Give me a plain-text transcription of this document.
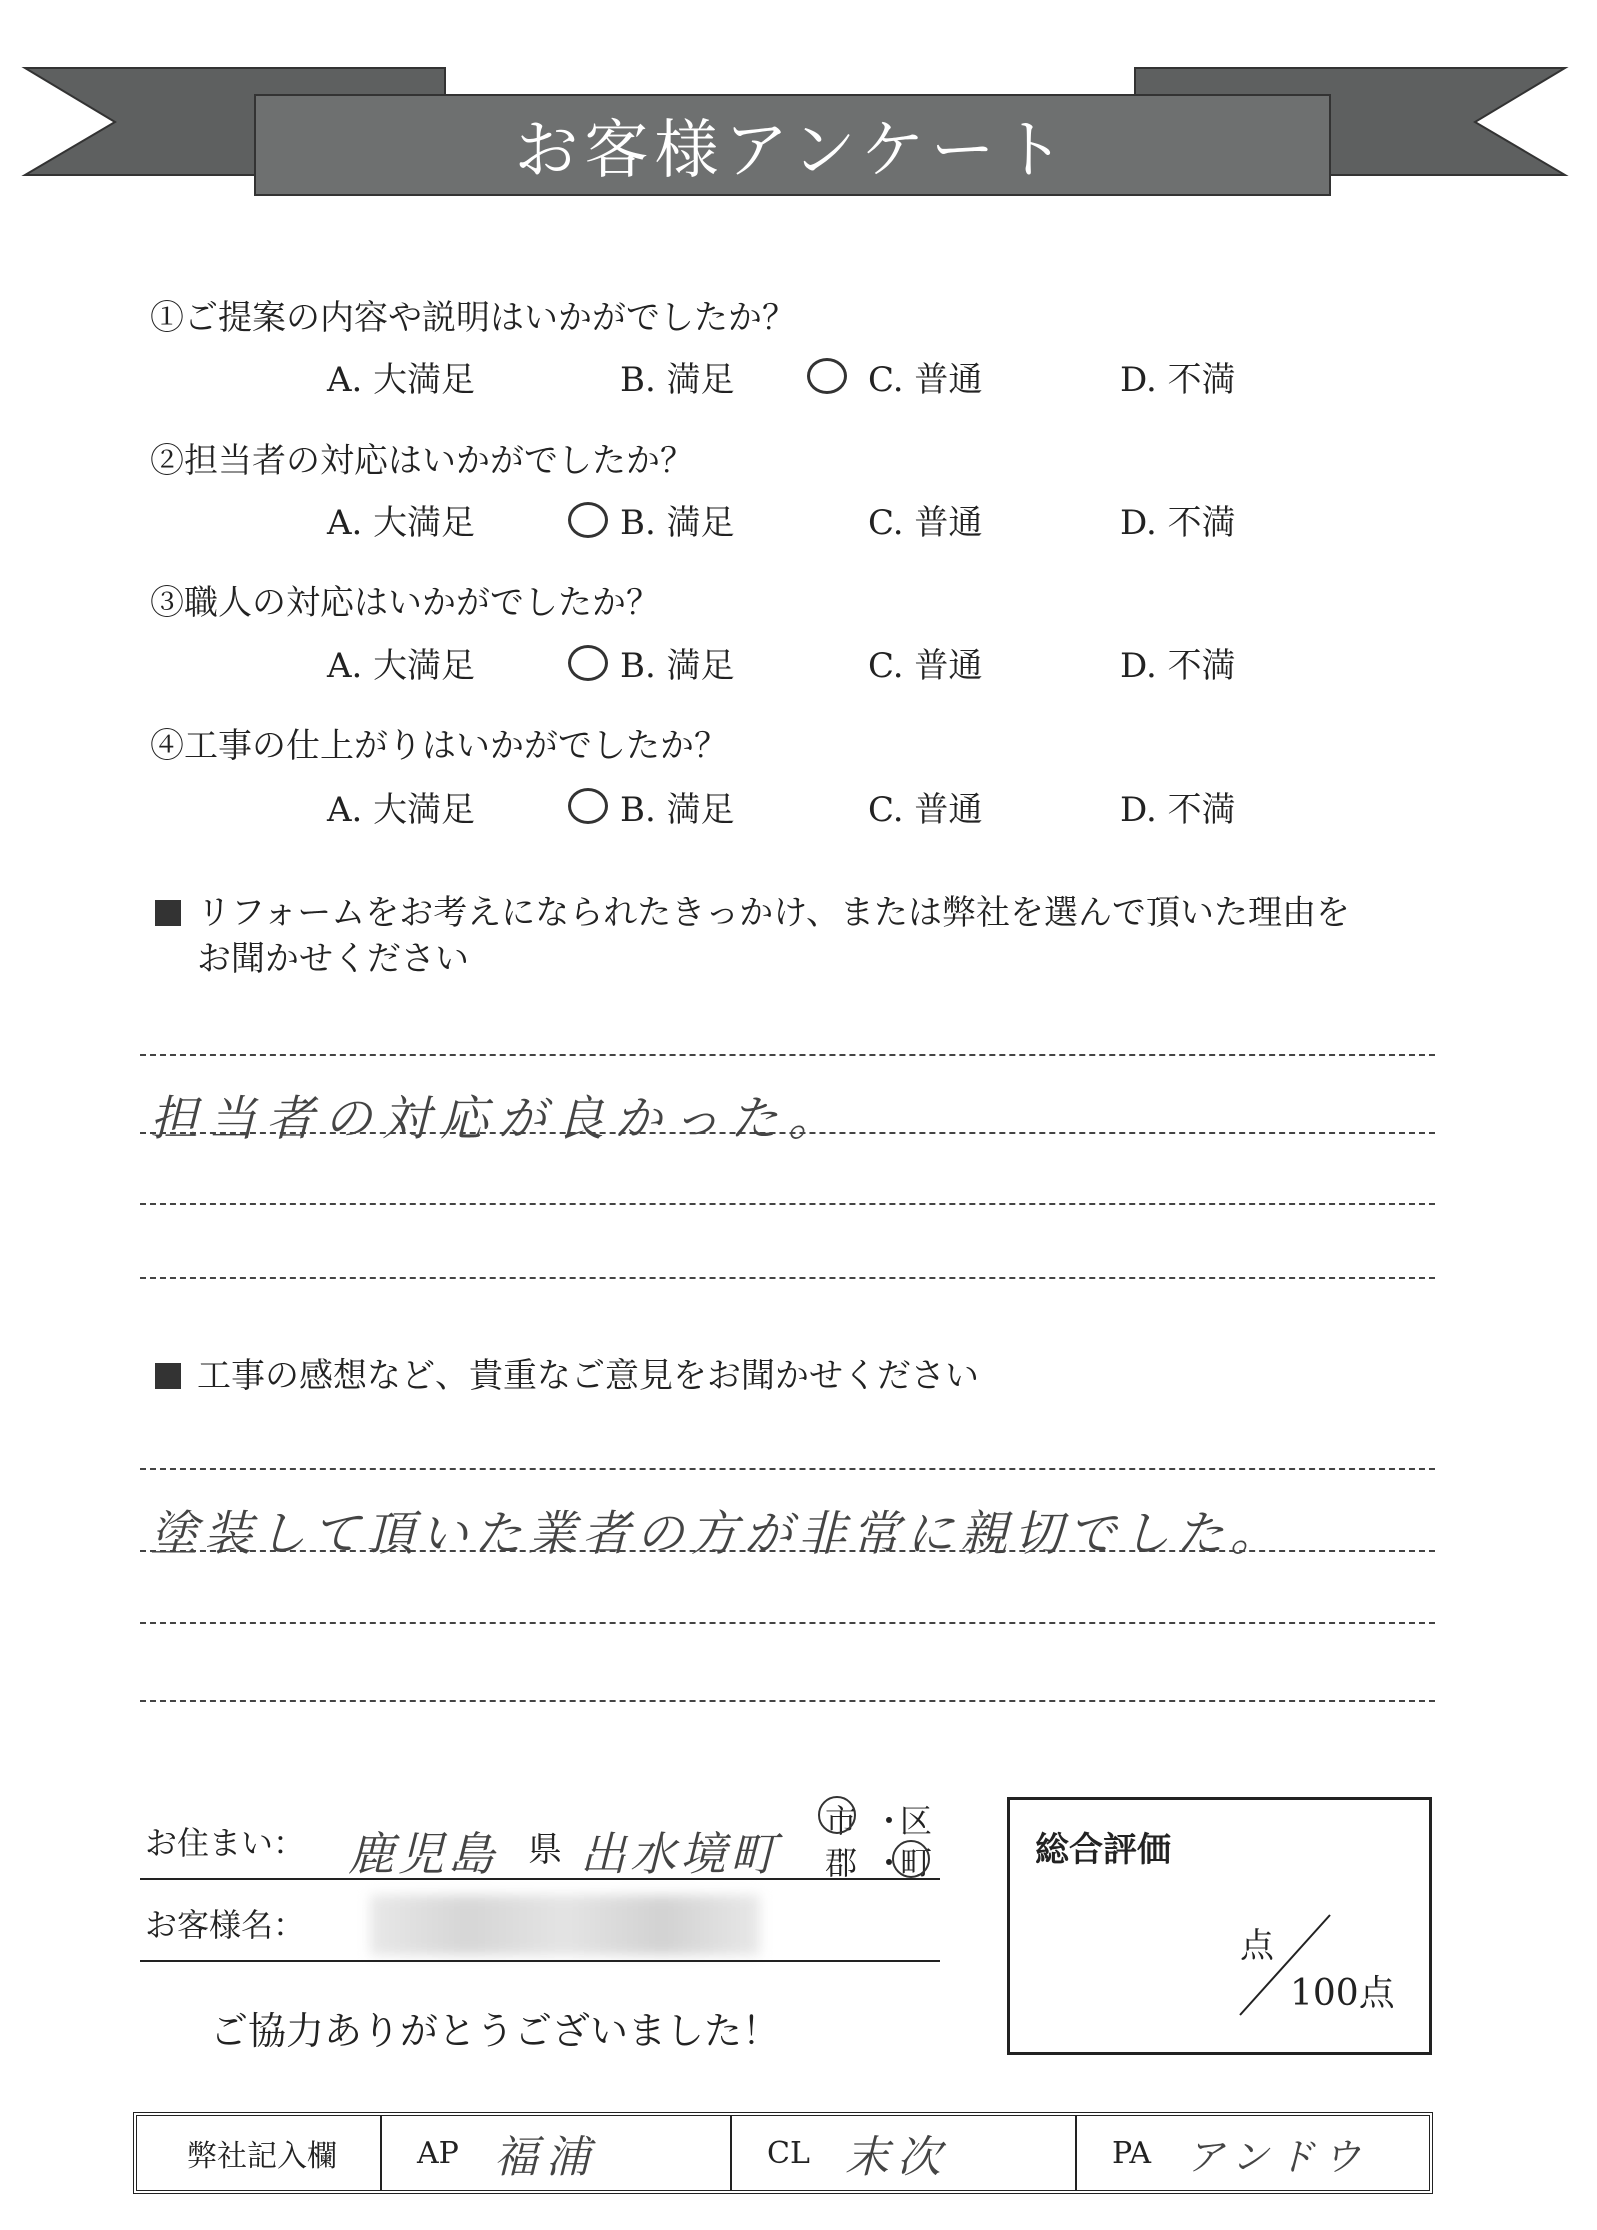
お客様アンケート
①ご提案の内容や説明はいかがでしたか？
A. 大満足	B. 満足	C. 普通	D. 不満
②担当者の対応はいかがでしたか？
A. 大満足	B. 満足	C. 普通	D. 不満
③職人の対応はいかがでしたか？
A. 大満足	B. 満足	C. 普通	D. 不満
④工事の仕上がりはいかがでしたか？
A. 大満足	B. 満足	C. 普通	D. 不満
リフォームをお考えになられたきっかけ、または弊社を選んで頂いた理由を
お聞かせください
担当者の対応が良かった。
工事の感想など、貴重なご意見をお聞かせください
塗装して頂いた業者の方が非常に親切でした。
お住まい： 鹿児島 県 出水境町
市 ・
区
郡 ・
町
お客様名：
ご協力ありがとうございました！
総合評価
点
100点
弊社記入欄	AP 福浦	CL 末次	PA アンドウ
